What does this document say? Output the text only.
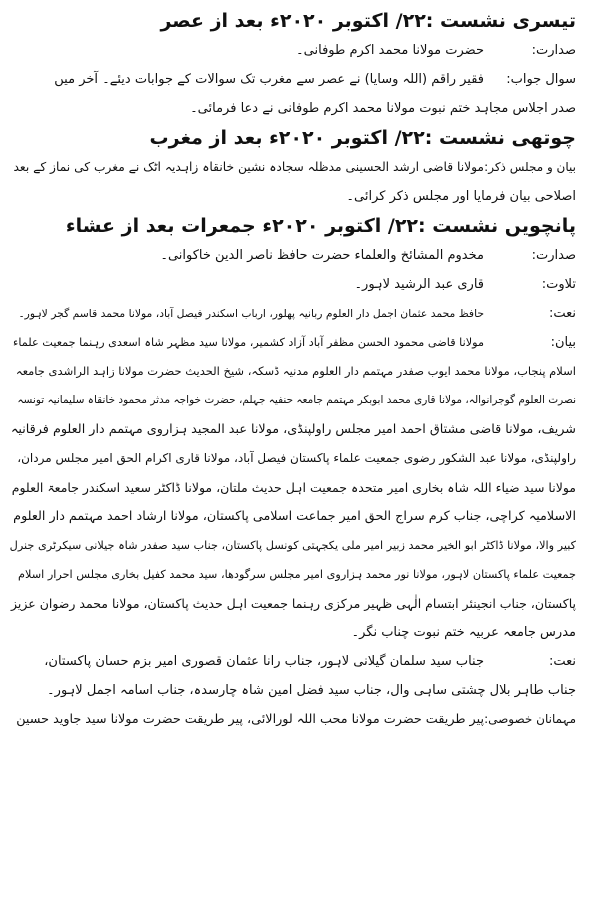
تیسری نشست :۲۲/ اکتوبر ۲۰۲۰ء بعد از عصر
صدارت:
حضرت مولانا محمد اکرم طوفانی۔
سوال جواب:
فقیر راقم (اللہ وسایا) نے عصر سے مغرب تک سوالات کے جوابات دیئے۔ آخر میں
صدر اجلاس مجاہد ختم نبوت مولانا محمد اکرم طوفانی نے دعا فرمائی۔
چوتھی نشست :۲۲/ اکتوبر ۲۰۲۰ء بعد از مغرب
بیان و مجلس ذکر:
مولانا قاضی ارشد الحسینی مدظلہ سجادہ نشین خانقاہ زاہدیہ اٹک نے مغرب کی نماز کے بعد
اصلاحی بیان فرمایا اور مجلس ذکر کرائی۔
پانچویں نشست :۲۲/ اکتوبر ۲۰۲۰ء جمعرات بعد از عشاء
صدارت:
مخدوم المشائخ والعلماء حضرت حافظ ناصر الدین خاکوانی۔
تلاوت:
قاری عبد الرشید لاہور۔
نعت:
حافظ محمد عثمان اجمل دار العلوم ربانیہ پھلور، ارباب اسکندر فیصل آباد، مولانا محمد قاسم گجر لاہور۔
بیان:
مولانا قاضی محمود الحسن مظفر آباد آزاد کشمیر، مولانا سید مظہر شاہ اسعدی رہنما جمعیت علماء
اسلام پنجاب، مولانا محمد ایوب صفدر مہتمم دار العلوم مدنیہ ڈسکہ، شیخ الحدیث حضرت مولانا زاہد الراشدی جامعہ
نصرت العلوم گوجرانوالہ، مولانا قاری محمد ابوبکر مہتمم جامعہ حنفیہ جہلم، حضرت خواجہ مدثر محمود خانقاہ سلیمانیہ تونسہ
شریف، مولانا قاضی مشتاق احمد امیر مجلس راولپنڈی، مولانا عبد المجید ہزاروی مہتمم دار العلوم فرقانیہ
راولپنڈی، مولانا عبد الشکور رضوی جمعیت علماء پاکستان فیصل آباد، مولانا قاری اکرام الحق امیر مجلس مردان،
مولانا سید ضیاء اللہ شاہ بخاری امیر متحدہ جمعیت اہل حدیث ملتان، مولانا ڈاکٹر سعید اسکندر جامعۃ العلوم
الاسلامیہ کراچی، جناب کرم سراج الحق امیر جماعت اسلامی پاکستان، مولانا ارشاد احمد مہتمم دار العلوم
کبیر والا، مولانا ڈاکٹر ابو الخیر محمد زبیر امیر ملی یکجہتی کونسل پاکستان، جناب سید صفدر شاہ جیلانی سیکرٹری جنرل
جمعیت علماء پاکستان لاہور، مولانا نور محمد ہزاروی امیر مجلس سرگودھا، سید محمد کفیل بخاری مجلس احرار اسلام
پاکستان، جناب انجینئر ابتسام الٰہی ظہیر مرکزی رہنما جمعیت اہل حدیث پاکستان، مولانا محمد رضوان عزیز
مدرس جامعہ عربیہ ختم نبوت چناب نگر۔
نعت:
جناب سید سلمان گیلانی لاہور، جناب رانا عثمان قصوری امیر بزم حسان پاکستان،
جناب طاہر بلال چشتی ساہی وال، جناب سید فضل امین شاہ چارسدہ، جناب اسامہ اجمل لاہور۔
مہمانان خصوصی:
پیر طریقت حضرت مولانا محب اللہ لورالائی، پیر طریقت حضرت مولانا سید جاوید حسین
